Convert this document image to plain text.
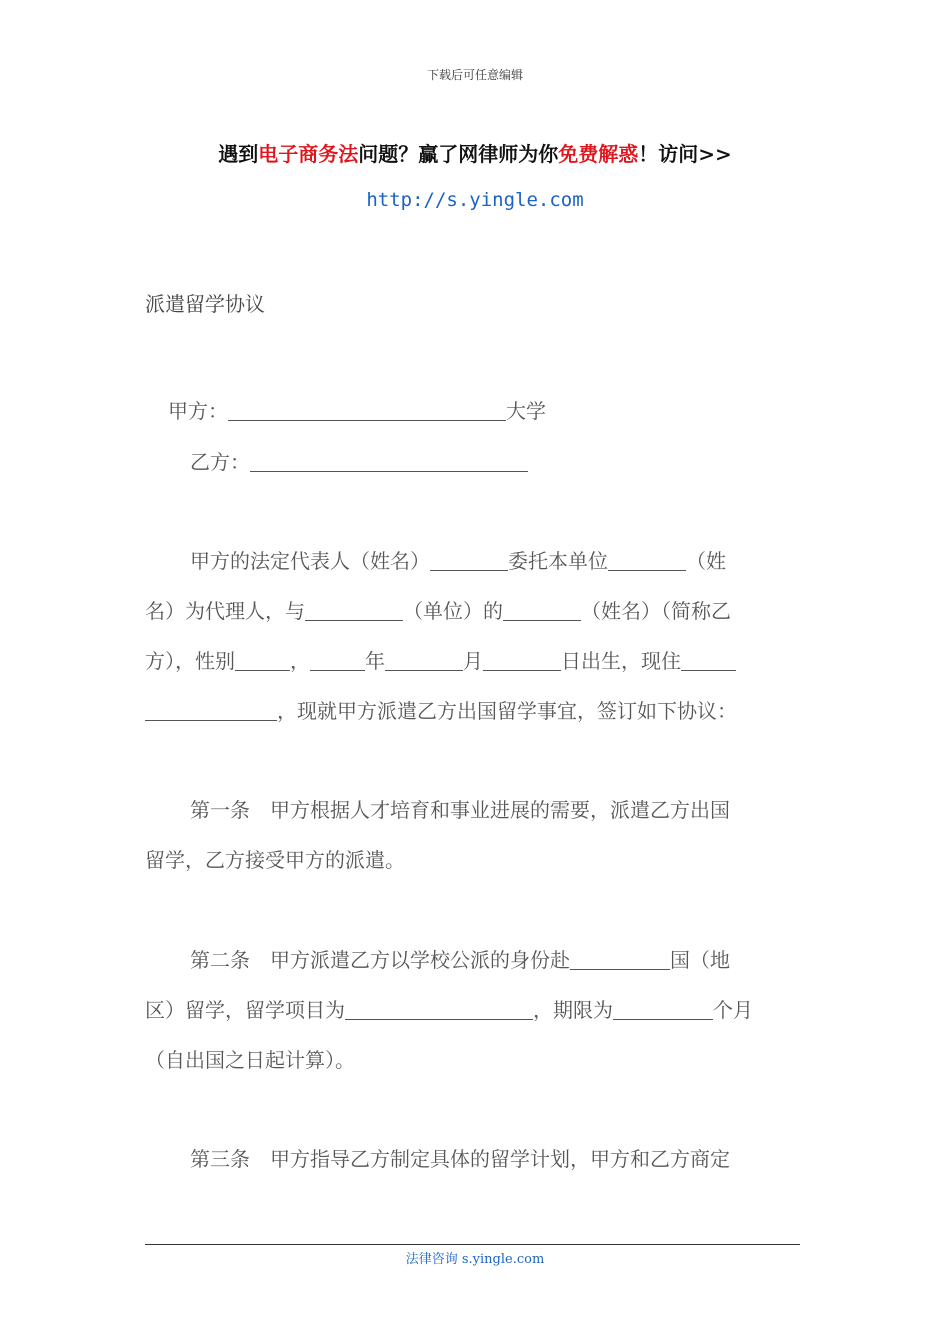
下载后可任意编辑
遇到电子商务法问题？赢了网律师为你免费解惑！访问>>
http://s.yingle.com
派遣留学协议
甲方：	大学
乙方：
甲方的法定代表人（姓名）	委托本单位	（姓
名）为代理人，与	（单位）的	（姓名）（简称乙
方），性别	，	年	月	日出生，现住
，现就甲方派遣乙方出国留学事宜，签订如下协议：
第一条　甲方根据人才培育和事业进展的需要，派遣乙方出国
留学，乙方接受甲方的派遣。
第二条　甲方派遣乙方以学校公派的身份赴	国（地
区）留学，留学项目为	，期限为	个月
（自出国之日起计算）。
第三条　甲方指导乙方制定具体的留学计划，甲方和乙方商定
法律咨询 s.yingle.com
